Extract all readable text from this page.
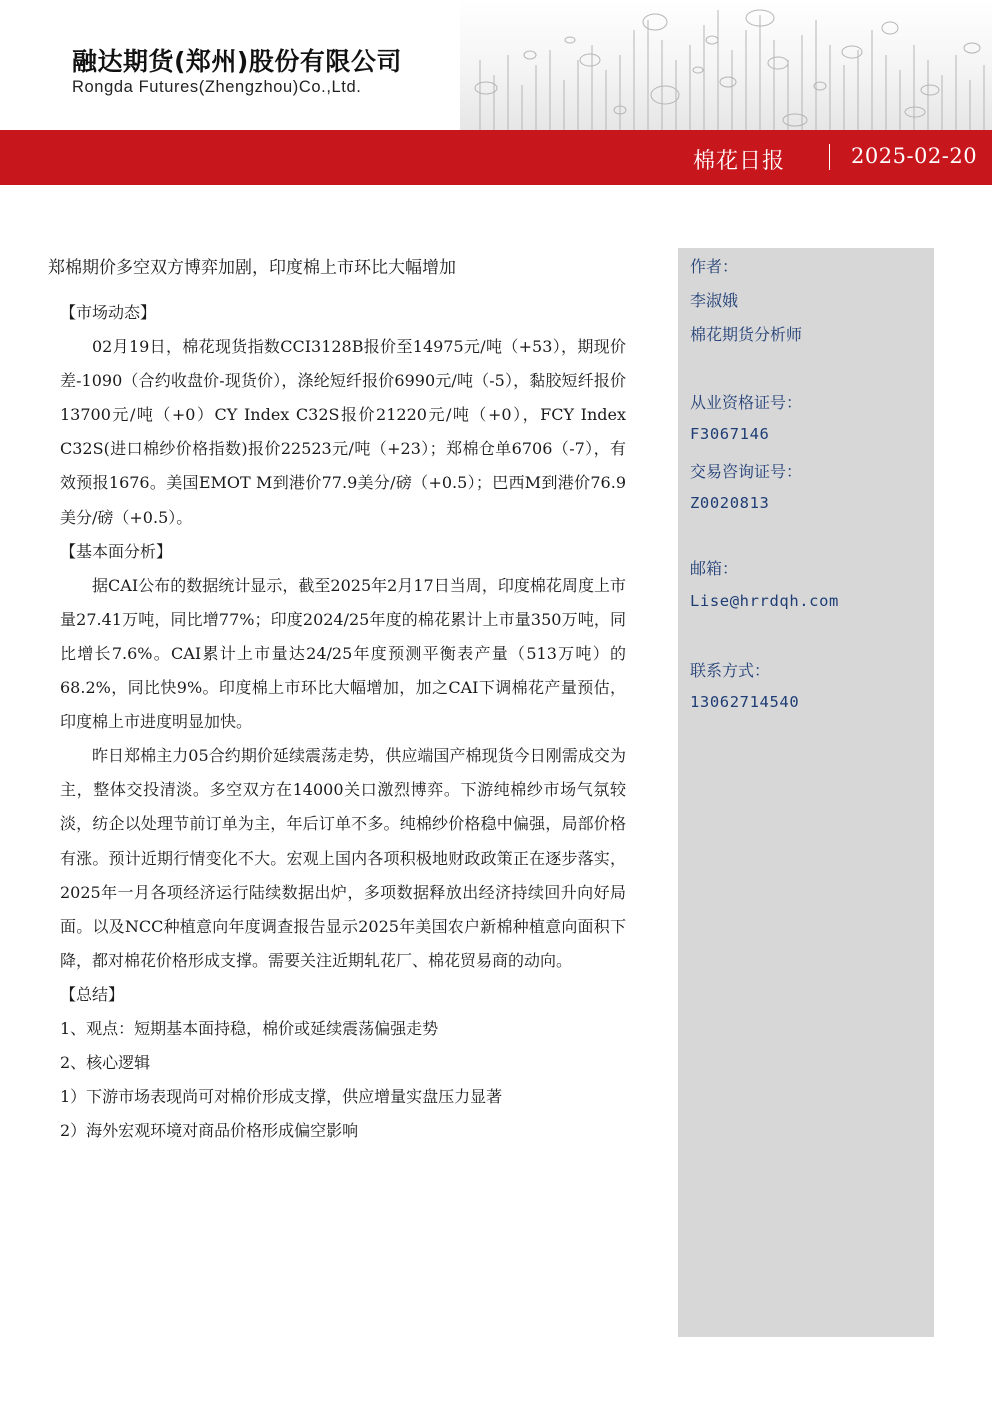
融达期货(郑州)股份有限公司
Rongda Futures(Zhengzhou)Co.,Ltd.
棉花日报	2025-02-20
郑棉期价多空双方博弈加剧，印度棉上市环比大幅增加

【市场动态】

02月19日，棉花现货指数CCI3128B报价至14975元/吨（+53），期现价差-1090（合约收盘价-现货价），涤纶短纤报价6990元/吨（-5），黏胶短纤报价13700元/吨（+0）CY Index C32S报价21220元/吨（+0），FCY Index C32S(进口棉纱价格指数)报价22523元/吨（+23）；郑棉仓单6706（-7），有效预报1676。美国EMOT M到港价77.9美分/磅（+0.5）；巴西M到港价76.9美分/磅（+0.5）。

【基本面分析】

据CAI公布的数据统计显示，截至2025年2月17日当周，印度棉花周度上市量27.41万吨，同比增77%；印度2024/25年度的棉花累计上市量350万吨，同比增长7.6%。CAI累计上市量达24/25年度预测平衡表产量（513万吨）的68.2%，同比快9%。印度棉上市环比大幅增加，加之CAI下调棉花产量预估，印度棉上市进度明显加快。

昨日郑棉主力05合约期价延续震荡走势，供应端国产棉现货今日刚需成交为主，整体交投清淡。多空双方在14000关口激烈博弈。下游纯棉纱市场气氛较淡，纺企以处理节前订单为主，年后订单不多。纯棉纱价格稳中偏强，局部价格有涨。预计近期行情变化不大。宏观上国内各项积极地财政政策正在逐步落实，2025年一月各项经济运行陆续数据出炉，多项数据释放出经济持续回升向好局面。以及NCC种植意向年度调查报告显示2025年美国农户新棉种植意向面积下降，都对棉花价格形成支撑。需要关注近期轧花厂、棉花贸易商的动向。

【总结】

1、观点：短期基本面持稳，棉价或延续震荡偏强走势

2、核心逻辑

1）下游市场表现尚可对棉价形成支撑，供应增量实盘压力显著

2）海外宏观环境对商品价格形成偏空影响

作者：
李淑娥
棉花期货分析师
从业资格证号：
F3067146
交易咨询证号：
Z0020813
邮箱：
Lise@hrrdqh.com
联系方式：
13062714540
